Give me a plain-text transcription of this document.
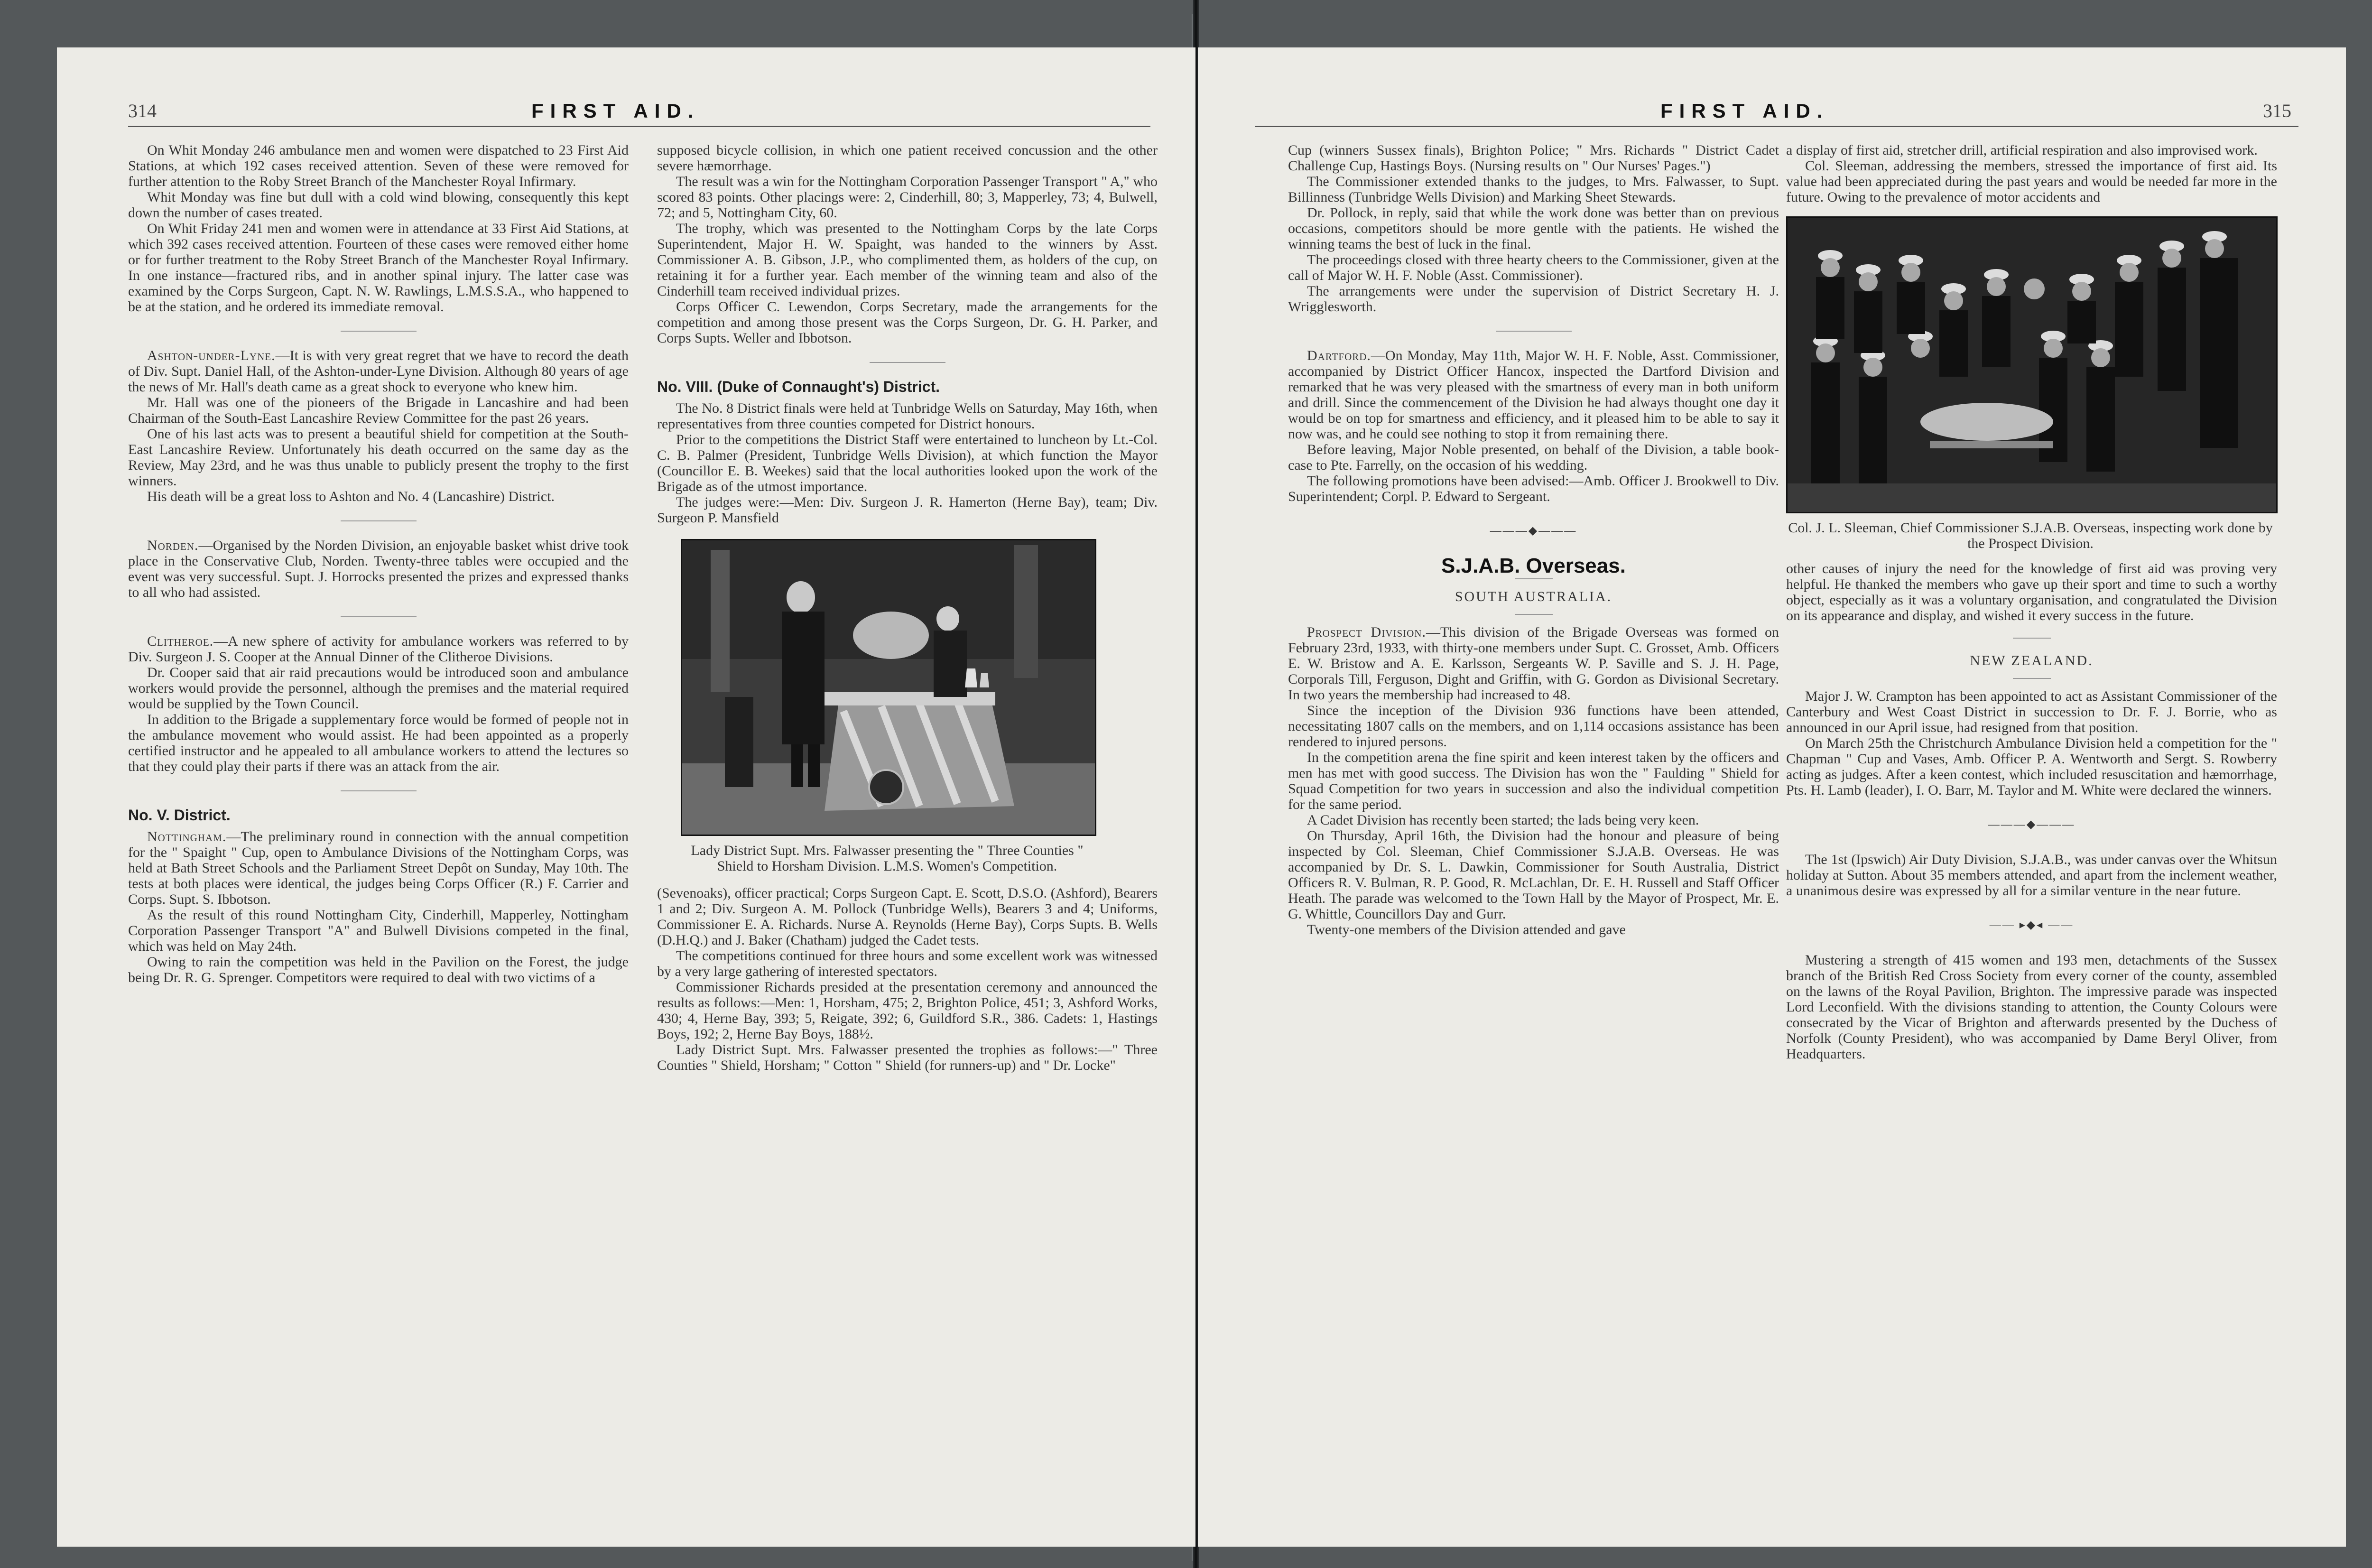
314	FIRST AID.

On Whit Monday 246 ambulance men and women were dispatched to 23 First Aid Stations, at which 192 cases received attention. Seven of these were removed for further attention to the Roby Street Branch of the Manchester Royal Infirmary.

Whit Monday was fine but dull with a cold wind blowing, consequently this kept down the number of cases treated.

On Whit Friday 241 men and women were in attendance at 33 First Aid Stations, at which 392 cases received attention. Fourteen of these cases were removed either home or for further treatment to the Roby Street Branch of the Manchester Royal Infirmary. In one instance—fractured ribs, and in another spinal injury. The latter case was examined by the Corps Surgeon, Capt. N. W. Rawlings, L.M.S.S.A., who happened to be at the station, and he ordered its immediate removal.

Ashton-under-Lyne.—It is with very great regret that we have to record the death of Div. Supt. Daniel Hall, of the Ashton-under-Lyne Division. Although 80 years of age the news of Mr. Hall's death came as a great shock to everyone who knew him.

Mr. Hall was one of the pioneers of the Brigade in Lancashire and had been Chairman of the South-East Lancashire Review Committee for the past 26 years.

One of his last acts was to present a beautiful shield for competition at the South-East Lancashire Review. Unfortunately his death occurred on the same day as the Review, May 23rd, and he was thus unable to publicly present the trophy to the first winners.

His death will be a great loss to Ashton and No. 4 (Lancashire) District.

Norden.—Organised by the Norden Division, an enjoyable basket whist drive took place in the Conservative Club, Norden. Twenty-three tables were occupied and the event was very successful. Supt. J. Horrocks presented the prizes and expressed thanks to all who had assisted.

Clitheroe.—A new sphere of activity for ambulance workers was referred to by Div. Surgeon J. S. Cooper at the Annual Dinner of the Clitheroe Divisions.

Dr. Cooper said that air raid precautions would be introduced soon and ambulance workers would provide the personnel, although the premises and the material required would be supplied by the Town Council.

In addition to the Brigade a supplementary force would be formed of people not in the ambulance movement who would assist. He had been appointed as a properly certified instructor and he appealed to all ambulance workers to attend the lectures so that they could play their parts if there was an attack from the air.

No. V. District.

Nottingham.—The preliminary round in connection with the annual competition for the " Spaight " Cup, open to Ambulance Divisions of the Nottingham Corps, was held at Bath Street Schools and the Parliament Street Depôt on Sunday, May 10th. The tests at both places were identical, the judges being Corps Officer (R.) F. Carrier and Corps. Supt. S. Ibbotson.

As the result of this round Nottingham City, Cinderhill, Mapperley, Nottingham Corporation Passenger Transport "A" and Bulwell Divisions competed in the final, which was held on May 24th.

Owing to rain the competition was held in the Pavilion on the Forest, the judge being Dr. R. G. Sprenger. Competitors were required to deal with two victims of a

supposed bicycle collision, in which one patient received concussion and the other severe hæmorrhage.

The result was a win for the Nottingham Corporation Passenger Transport " A," who scored 83 points. Other placings were: 2, Cinderhill, 80; 3, Mapperley, 73; 4, Bulwell, 72; and 5, Nottingham City, 60.

The trophy, which was presented to the Nottingham Corps by the late Corps Superintendent, Major H. W. Spaight, was handed to the winners by Asst. Commissioner A. B. Gibson, J.P., who complimented them, as holders of the cup, on retaining it for a further year. Each member of the winning team and also of the Cinderhill team received individual prizes.

Corps Officer C. Lewendon, Corps Secretary, made the arrangements for the competition and among those present was the Corps Surgeon, Dr. G. H. Parker, and Corps Supts. Weller and Ibbotson.

No. VIII. (Duke of Connaught's) District.

The No. 8 District finals were held at Tunbridge Wells on Saturday, May 16th, when representatives from three counties competed for District honours.

Prior to the competitions the District Staff were entertained to luncheon by Lt.-Col. C. B. Palmer (President, Tunbridge Wells Division), at which function the Mayor (Councillor E. B. Weekes) said that the local authorities looked upon the work of the Brigade as of the utmost importance.

The judges were:—Men: Div. Surgeon J. R. Hamerton (Herne Bay), team; Div. Surgeon P. Mansfield

Lady District Supt. Mrs. Falwasser presenting the " Three Counties " Shield to Horsham Division. L.M.S. Women's Competition.

(Sevenoaks), officer practical; Corps Surgeon Capt. E. Scott, D.S.O. (Ashford), Bearers 1 and 2; Div. Surgeon A. M. Pollock (Tunbridge Wells), Bearers 3 and 4; Uniforms, Commissioner E. A. Richards. Nurse A. Reynolds (Herne Bay), Corps Supts. B. Wells (D.H.Q.) and J. Baker (Chatham) judged the Cadet tests.

The competitions continued for three hours and some excellent work was witnessed by a very large gathering of interested spectators.

Commissioner Richards presided at the presentation ceremony and announced the results as follows:—Men: 1, Horsham, 475; 2, Brighton Police, 451; 3, Ashford Works, 430; 4, Herne Bay, 393; 5, Reigate, 392; 6, Guildford S.R., 386. Cadets: 1, Hastings Boys, 192; 2, Herne Bay Boys, 188½.

Lady District Supt. Mrs. Falwasser presented the trophies as follows:—" Three Counties " Shield, Horsham; " Cotton " Shield (for runners-up) and " Dr. Locke"

FIRST AID.	315

Cup (winners Sussex finals), Brighton Police; " Mrs. Richards " District Cadet Challenge Cup, Hastings Boys. (Nursing results on " Our Nurses' Pages.")

The Commissioner extended thanks to the judges, to Mrs. Falwasser, to Supt. Billinness (Tunbridge Wells Division) and Marking Sheet Stewards.

Dr. Pollock, in reply, said that while the work done was better than on previous occasions, competitors should be more gentle with the patients. He wished the winning teams the best of luck in the final.

The proceedings closed with three hearty cheers to the Commissioner, given at the call of Major W. H. F. Noble (Asst. Commissioner).

The arrangements were under the supervision of District Secretary H. J. Wrigglesworth.

Dartford.—On Monday, May 11th, Major W. H. F. Noble, Asst. Commissioner, accompanied by District Officer Hancox, inspected the Dartford Division and remarked that he was very pleased with the smartness of every man in both uniform and drill. Since the commencement of the Division he had always thought one day it would be on top for smartness and efficiency, and it pleased him to be able to say it now was, and he could see nothing to stop it from remaining there.

Before leaving, Major Noble presented, on behalf of the Division, a table book-case to Pte. Farrelly, on the occasion of his wedding.

The following promotions have been advised:—Amb. Officer J. Brookwell to Div. Superintendent; Corpl. P. Edward to Sergeant.

———◆———
S.J.A.B. Overseas.
SOUTH AUSTRALIA.

Prospect Division.—This division of the Brigade Overseas was formed on February 23rd, 1933, with thirty-one members under Supt. C. Grosset, Amb. Officers E. W. Bristow and A. E. Karlsson, Sergeants W. P. Saville and S. J. H. Page, Corporals Till, Ferguson, Dight and Griffin, with G. Gordon as Divisional Secretary. In two years the membership had increased to 48.

Since the inception of the Division 936 functions have been attended, necessitating 1807 calls on the members, and on 1,114 occasions assistance has been rendered to injured persons.

In the competition arena the fine spirit and keen interest taken by the officers and men has met with good success. The Division has won the " Faulding " Shield for Squad Competition for two years in succession and also the individual competition for the same period.

A Cadet Division has recently been started; the lads being very keen.

On Thursday, April 16th, the Division had the honour and pleasure of being inspected by Col. Sleeman, Chief Commissioner S.J.A.B. Overseas. He was accompanied by Dr. S. L. Dawkin, Commissioner for South Australia, District Officers R. V. Bulman, R. P. Good, R. McLachlan, Dr. E. H. Russell and Staff Officer Heath. The parade was welcomed to the Town Hall by the Mayor of Prospect, Mr. E. G. Whittle, Councillors Day and Gurr.

Twenty-one members of the Division attended and gave

a display of first aid, stretcher drill, artificial respiration and also improvised work.

Col. Sleeman, addressing the members, stressed the importance of first aid. Its value had been appreciated during the past years and would be needed far more in the future. Owing to the prevalence of motor accidents and

Col. J. L. Sleeman, Chief Commissioner S.J.A.B. Overseas, inspecting work done by the Prospect Division.

other causes of injury the need for the knowledge of first aid was proving very helpful. He thanked the members who gave up their sport and time to such a worthy object, especially as it was a voluntary organisation, and congratulated the Division on its appearance and display, and wished it every success in the future.

NEW ZEALAND.

Major J. W. Crampton has been appointed to act as Assistant Commissioner of the Canterbury and West Coast District in succession to Dr. F. J. Borrie, who as announced in our April issue, had resigned from that position.

On March 25th the Christchurch Ambulance Division held a competition for the " Chapman " Cup and Vases, Amb. Officer P. A. Wentworth and Sergt. S. Rowberry acting as judges. After a keen contest, which included resuscitation and hæmorrhage, Pts. H. Lamb (leader), I. O. Barr, M. Taylor and M. White were declared the winners.

———◆———

The 1st (Ipswich) Air Duty Division, S.J.A.B., was under canvas over the Whitsun holiday at Sutton. About 35 members attended, and apart from the inclement weather, a unanimous desire was expressed by all for a similar venture in the near future.

—— ▸◆◂ ——

Mustering a strength of 415 women and 193 men, detachments of the Sussex branch of the British Red Cross Society from every corner of the county, assembled on the lawns of the Royal Pavilion, Brighton. The impressive parade was inspected Lord Leconfield. With the divisions standing to attention, the County Colours were consecrated by the Vicar of Brighton and afterwards presented by the Duchess of Norfolk (County President), who was accompanied by Dame Beryl Oliver, from Headquarters.
